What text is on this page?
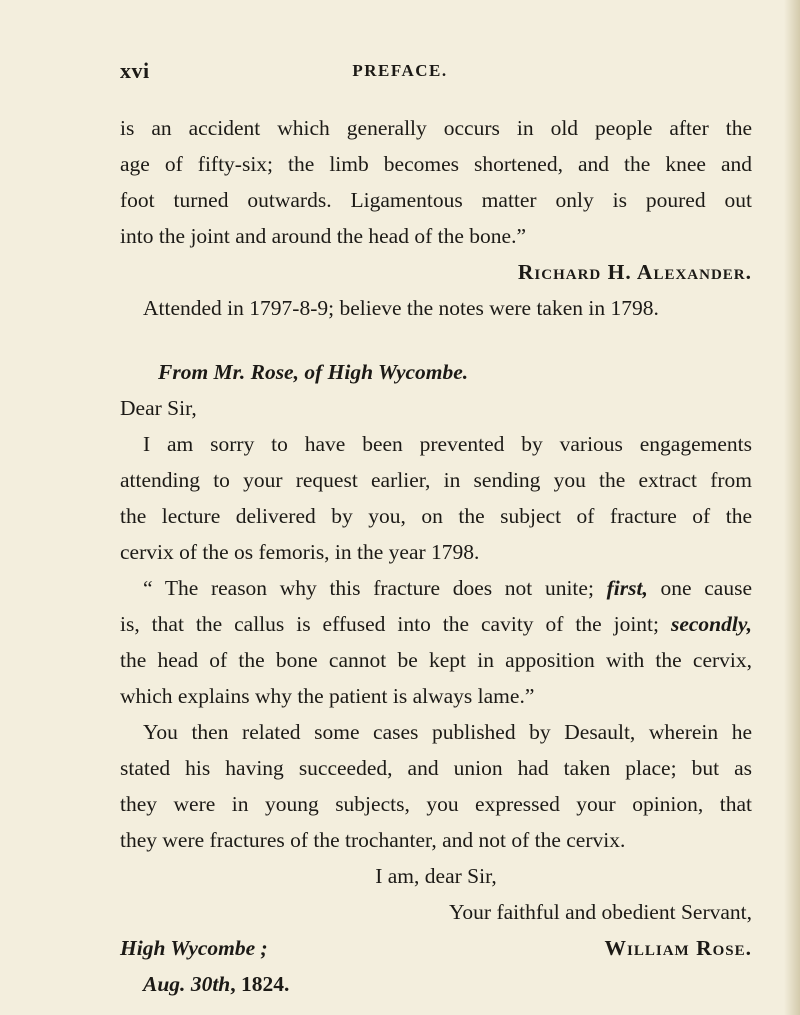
xvi	PREFACE.
is an accident which generally occurs in old people after the
age of fifty-six; the limb becomes shortened, and the knee and
foot turned outwards. Ligamentous matter only is poured out
into the joint and around the head of the bone.”
Richard H. Alexander.
Attended in 1797-8-9; believe the notes were taken in 1798.
From Mr. Rose, of High Wycombe.
Dear Sir,
I am sorry to have been prevented by various engagements
attending to your request earlier, in sending you the extract from
the lecture delivered by you, on the subject of fracture of the
cervix of the os femoris, in the year 1798.
“ The reason why this fracture does not unite; first, one cause
is, that the callus is effused into the cavity of the joint; secondly,
the head of the bone cannot be kept in apposition with the cervix,
which explains why the patient is always lame.”
You then related some cases published by Desault, wherein he
stated his having succeeded, and union had taken place; but as
they were in young subjects, you expressed your opinion, that
they were fractures of the trochanter, and not of the cervix.
I am, dear Sir,
Your faithful and obedient Servant,
High Wycombe ;	William Rose.
Aug. 30th, 1824.
